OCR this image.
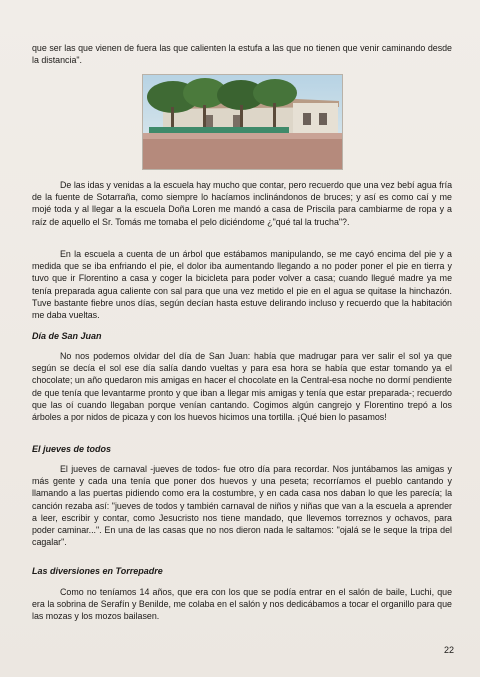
que ser las que vienen de fuera las que calienten la estufa a las que no tienen que venir caminando desde la distancia".

De las idas y venidas a la escuela hay mucho que contar, pero recuerdo que una vez bebí agua fría de la fuente de Sotarraña, como siempre lo hacíamos inclinándonos de bruces; y así es como caí y me mojé toda y al llegar a la escuela Doña Loren me mandó a casa de Priscila para cambiarme de ropa y a raíz de aquello el Sr. Tomás me tomaba el pelo diciéndome ¿"qué tal la trucha"?.

En la escuela a cuenta de un árbol que estábamos manipulando, se me cayó encima del pie y a medida que se iba enfriando el pie, el dolor iba aumentando llegando a no poder poner el pie en tierra y tuvo que ir Florentino a casa y coger la bicicleta para poder volver a casa; cuando llegué madre ya me tenía preparada agua caliente con sal para que una vez metido el pie en el agua se quitase la hinchazón. Tuve bastante fiebre unos días, según decían hasta estuve delirando incluso y recuerdo que la habitación me daba vueltas.

Día de San Juan

No nos podemos olvidar del día de San Juan: había que madrugar para ver salir el sol ya que según se decía el sol ese día salía dando vueltas y para esa hora se había que estar tomando ya el chocolate; un año quedaron mis amigas en hacer el chocolate en la Central-esa noche no dormí pendiente de que tenía que levantarme pronto y que iban a llegar mis amigas y tenía que estar preparada-; recuerdo que las oí cuando llegaban porque venían cantando. Cogimos algún cangrejo y Florentino trepó a los árboles a por nidos de picaza y con los huevos hicimos una tortilla. ¡Qué bien lo pasamos!

El jueves de todos

El jueves de carnaval -jueves de todos- fue otro día para recordar. Nos juntábamos las amigas y más gente y cada una tenía que poner dos huevos y una peseta; recorríamos el pueblo cantando y llamando a las puertas pidiendo como era la costumbre, y en cada casa nos daban lo que les parecía; la canción rezaba así: "jueves de todos y también carnaval de niños y niñas que van a la escuela a aprender a leer, escribir y contar, como Jesucristo nos tiene mandado, que llevemos torreznos y ochavos, para poder caminar...". En una de las casas que no nos dieron nada le saltamos: "ojalá se le seque la tripa del cagalar".

Las diversiones en Torrepadre

Como no teníamos 14 años, que era con los que se podía entrar en el salón de baile, Luchi, que era la sobrina de Serafín y Benilde, me colaba en el salón y nos dedicábamos a tocar el organillo para que las mozas y los mozos bailasen.

22
